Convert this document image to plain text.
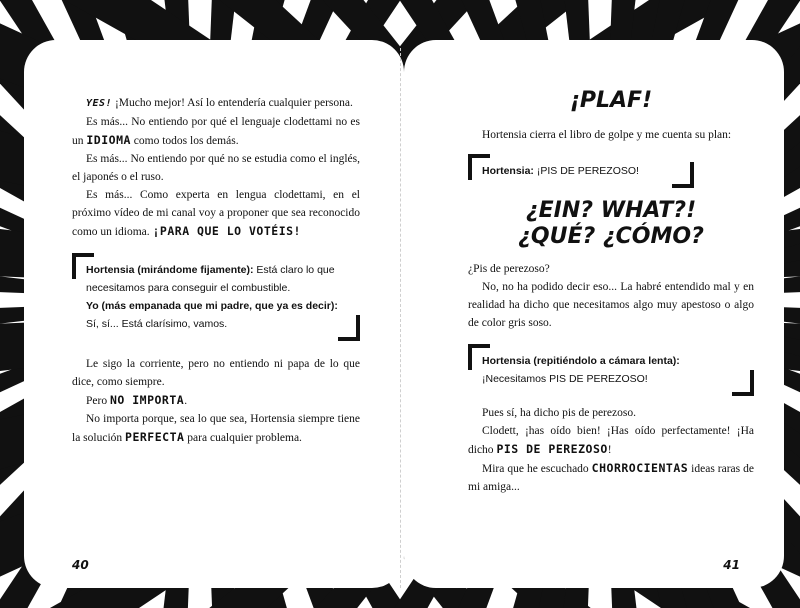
YES! ¡Mucho mejor! Así lo entendería cualquier persona.

Es más... No entiendo por qué el lenguaje clodettami no es un IDIOMA como todos los demás.

Es más... No entiendo por qué no se estudia como el inglés, el japonés o el ruso.

Es más... Como experta en lengua clodettami, en el próximo vídeo de mi canal voy a proponer que sea reconocido como un idioma. ¡PARA QUE LO VOTÉIS!

Hortensia (mirándome fijamente): Está claro lo que necesitamos para conseguir el combustible.
Yo (más empanada que mi padre, que ya es decir): Sí, sí... Está clarísimo, vamos.

Le sigo la corriente, pero no entiendo ni papa de lo que dice, como siempre.

Pero NO IMPORTA.

No importa porque, sea lo que sea, Hortensia siempre tiene la solución PERFECTA para cualquier problema.

40
¡PLAF!

Hortensia cierra el libro de golpe y me cuenta su plan:

Hortensia: ¡PIS DE PEREZOSO!
¿EIN? WHAT?! ¿QUÉ? ¿CÓMO?

¿Pis de perezoso?

No, no ha podido decir eso... La habré entendido mal y en realidad ha dicho que necesitamos algo muy apestoso o algo de color gris soso.

Hortensia (repitiéndolo a cámara lenta): ¡Necesitamos PIS DE PEREZOSO!

Pues sí, ha dicho pis de perezoso.

Clodett, ¡has oído bien! ¡Has oído perfectamente! ¡Ha dicho PIS DE PEREZOSO!

Mira que he escuchado CHORROCIENTAS ideas raras de mi amiga...

41
